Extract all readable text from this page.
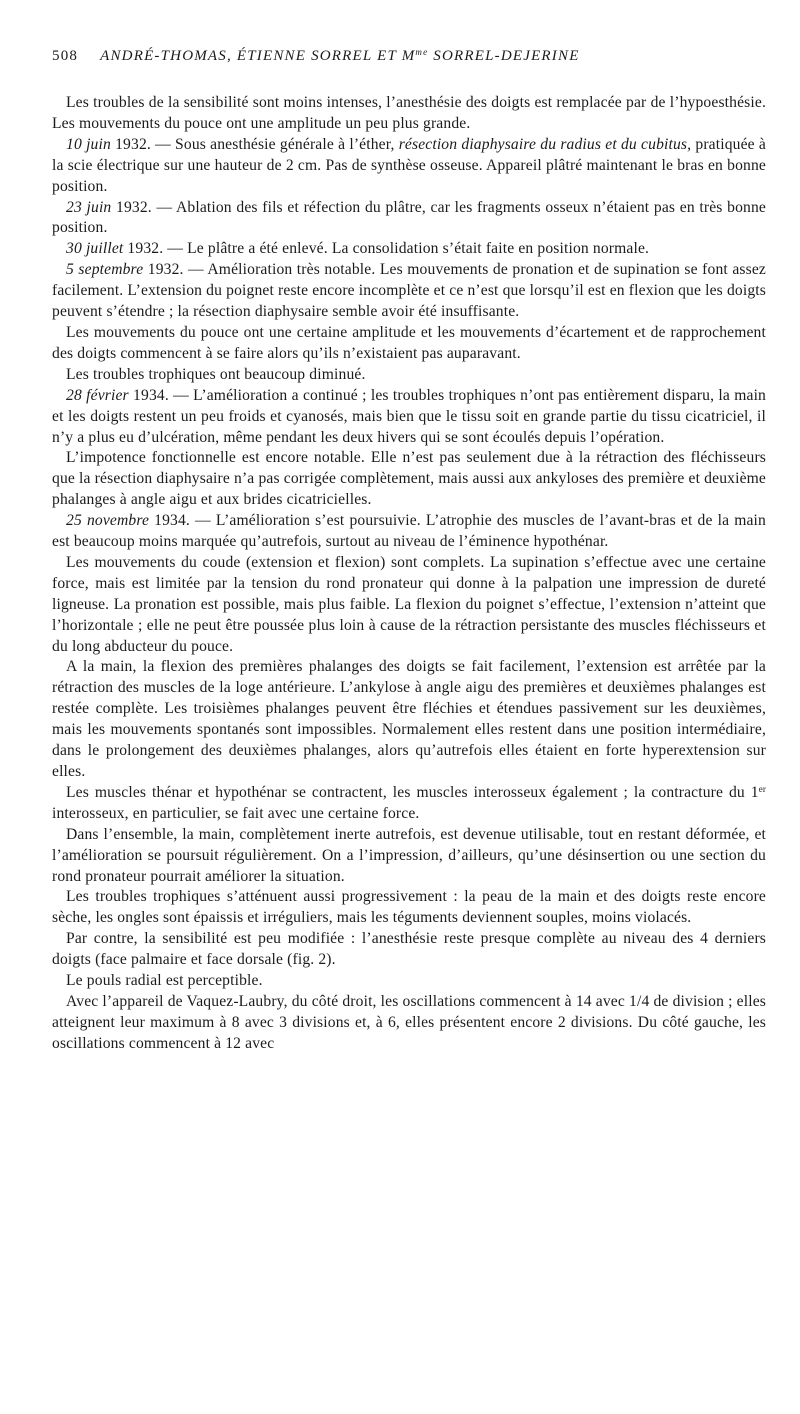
508 ANDRÉ-THOMAS, ÉTIENNE SORREL ET $M^{me}$ SORREL-DEJERINE

Les troubles de la sensibilité sont moins intenses, l’anesthésie des doigts est remplacée par de l’hypoesthésie. Les mouvements du pouce ont une amplitude un peu plus grande.

10 juin 1932. — Sous anesthésie générale à l’éther, résection diaphysaire du radius et du cubitus, pratiquée à la scie électrique sur une hauteur de 2 cm. Pas de synthèse osseuse. Appareil plâtré maintenant le bras en bonne position.

23 juin 1932. — Ablation des fils et réfection du plâtre, car les fragments osseux n’étaient pas en très bonne position.

30 juillet 1932. — Le plâtre a été enlevé. La consolidation s’était faite en position normale.

5 septembre 1932. — Amélioration très notable. Les mouvements de pronation et de supination se font assez facilement. L’extension du poignet reste encore incomplète et ce n’est que lorsqu’il est en flexion que les doigts peuvent s’étendre ; la résection diaphysaire semble avoir été insuffisante.

Les mouvements du pouce ont une certaine amplitude et les mouvements d’écartement et de rapprochement des doigts commencent à se faire alors qu’ils n’existaient pas auparavant.

Les troubles trophiques ont beaucoup diminué.

28 février 1934. — L’amélioration a continué ; les troubles trophiques n’ont pas entièrement disparu, la main et les doigts restent un peu froids et cyanosés, mais bien que le tissu soit en grande partie du tissu cicatriciel, il n’y a plus eu d’ulcération, même pendant les deux hivers qui se sont écoulés depuis l’opération.

L’impotence fonctionnelle est encore notable. Elle n’est pas seulement due à la rétraction des fléchisseurs que la résection diaphysaire n’a pas corrigée complètement, mais aussi aux ankyloses des première et deuxième phalanges à angle aigu et aux brides cicatricielles.

25 novembre 1934. — L’amélioration s’est poursuivie. L’atrophie des muscles de l’avant-bras et de la main est beaucoup moins marquée qu’autrefois, surtout au niveau de l’éminence hypothénar.

Les mouvements du coude (extension et flexion) sont complets. La supination s’effectue avec une certaine force, mais est limitée par la tension du rond pronateur qui donne à la palpation une impression de dureté ligneuse. La pronation est possible, mais plus faible. La flexion du poignet s’effectue, l’extension n’atteint que l’horizontale ; elle ne peut être poussée plus loin à cause de la rétraction persistante des muscles fléchisseurs et du long abducteur du pouce.

A la main, la flexion des premières phalanges des doigts se fait facilement, l’extension est arrêtée par la rétraction des muscles de la loge antérieure. L’ankylose à angle aigu des premières et deuxièmes phalanges est restée complète. Les troisièmes phalanges peuvent être fléchies et étendues passivement sur les deuxièmes, mais les mouvements spontanés sont impossibles. Normalement elles restent dans une position intermédiaire, dans le prolongement des deuxièmes phalanges, alors qu’autrefois elles étaient en forte hyperextension sur elles.

Les muscles thénar et hypothénar se contractent, les muscles interosseux également ; la contracture du 1er interosseux, en particulier, se fait avec une certaine force.

Dans l’ensemble, la main, complètement inerte autrefois, est devenue utilisable, tout en restant déformée, et l’amélioration se poursuit régulièrement. On a l’impression, d’ailleurs, qu’une désinsertion ou une section du rond pronateur pourrait améliorer la situation.

Les troubles trophiques s’atténuent aussi progressivement : la peau de la main et des doigts reste encore sèche, les ongles sont épaissis et irréguliers, mais les téguments deviennent souples, moins violacés.

Par contre, la sensibilité est peu modifiée : l’anesthésie reste presque complète au niveau des 4 derniers doigts (face palmaire et face dorsale (fig. 2).

Le pouls radial est perceptible.

Avec l’appareil de Vaquez-Laubry, du côté droit, les oscillations commencent à 14 avec 1/4 de division ; elles atteignent leur maximum à 8 avec 3 divisions et, à 6, elles présentent encore 2 divisions. Du côté gauche, les oscillations commencent à 12 avec
